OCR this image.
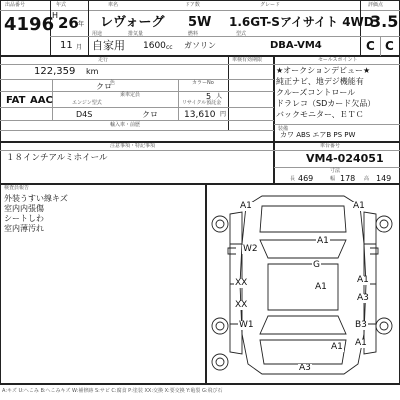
出品番号
4196
年式
H 26 年
11 月
車名
レヴォーグ
ドア数
5W
グレード
1.6GT-Sアイサイト 4WD
評価点
3.5
C C
自家用
用途	排気量
1600 cc
燃料
ガソリン
型式
DBA-VM4
走行
122,359 km
車検有効期限
FAT AAC
色
クロ	カラーNo
乗車定員	5 人
エンジン型式
D4S	クロ
リサイクル預託金
13,610 円
輸入車・前歴
セールスポイント
★オークションデビュー★
純正ナビ、地デジ機能有
クルーズコントロール
ドラレコ（SDカード欠品）
バックモニター、ＥＴＣ
装備
カワ ABS エアB PS PW
注意事項・特記事項
１８インチアルミホイール
車台番号
VM4-024051
寸法
長 469	幅 178 高 149
検査員報告
外装うすい線キズ
室内内張傷
シートしわ
室内薄汚れ
A1	A1
W2
A1
G
XX	A1
A1
A3
XX
W1	B3
A1 A1
A3
A:キズ U:へこみ B:へこみキズ W:補修跡 S:サビ C:腐食 P:塗装 XX:交換 X:要交換 Y:亀裂 G:飛び石
